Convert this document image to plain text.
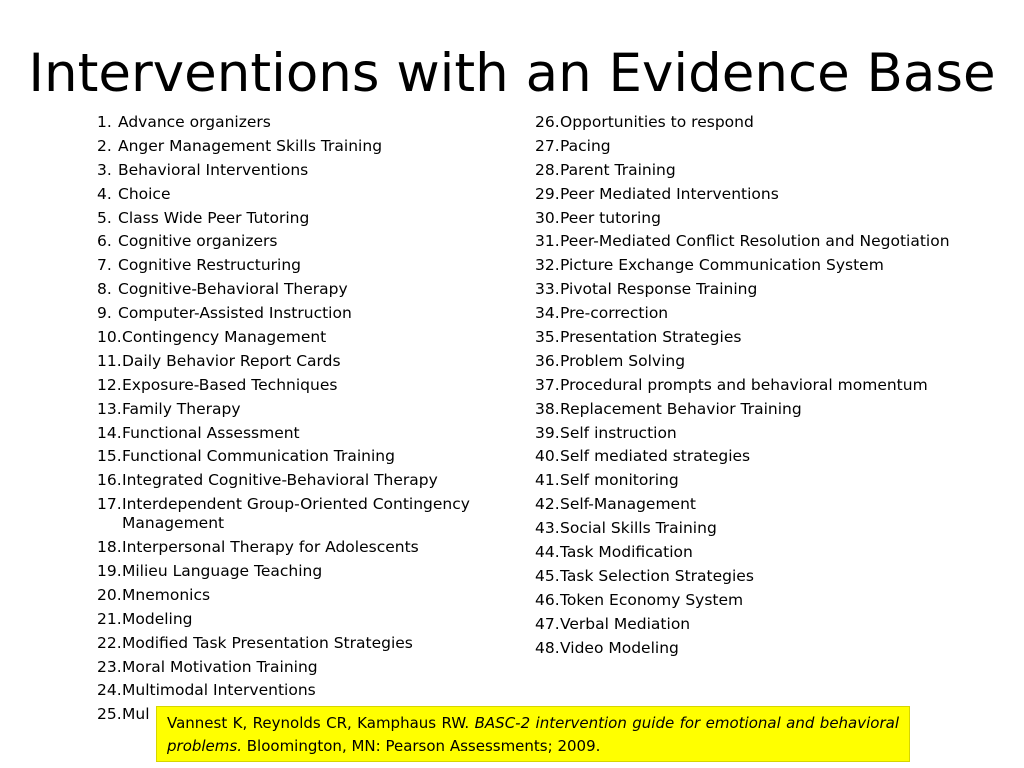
Interventions with an Evidence Base
1. Advance organizers
2. Anger Management Skills Training
3. Behavioral Interventions
4. Choice
5. Class Wide Peer Tutoring
6. Cognitive organizers
7. Cognitive Restructuring
8. Cognitive-Behavioral Therapy
9. Computer-Assisted Instruction
10. Contingency Management
11. Daily Behavior Report Cards
12. Exposure-Based Techniques
13. Family Therapy
14. Functional Assessment
15. Functional Communication Training
16. Integrated Cognitive-Behavioral Therapy
17. Interdependent Group-Oriented Contingency Management
18. Interpersonal Therapy for Adolescents
19. Milieu Language Teaching
20. Mnemonics
21. Modeling
22. Modified Task Presentation Strategies
23. Moral Motivation Training
24. Multimodal Interventions
25. Mul
26. Opportunities to respond
27. Pacing
28. Parent Training
29. Peer Mediated Interventions
30. Peer tutoring
31. Peer-Mediated Conflict Resolution and Negotiation
32. Picture Exchange Communication System
33. Pivotal Response Training
34. Pre-correction
35. Presentation Strategies
36. Problem Solving
37. Procedural prompts and behavioral momentum
38. Replacement Behavior Training
39. Self instruction
40. Self mediated strategies
41. Self monitoring
42. Self-Management
43. Social Skills Training
44. Task Modification
45. Task Selection Strategies
46. Token Economy System
47. Verbal Mediation
48. Video Modeling
Vannest K, Reynolds CR, Kamphaus RW. BASC-2 intervention guide for emotional and behavioral problems. Bloomington, MN: Pearson Assessments; 2009.
